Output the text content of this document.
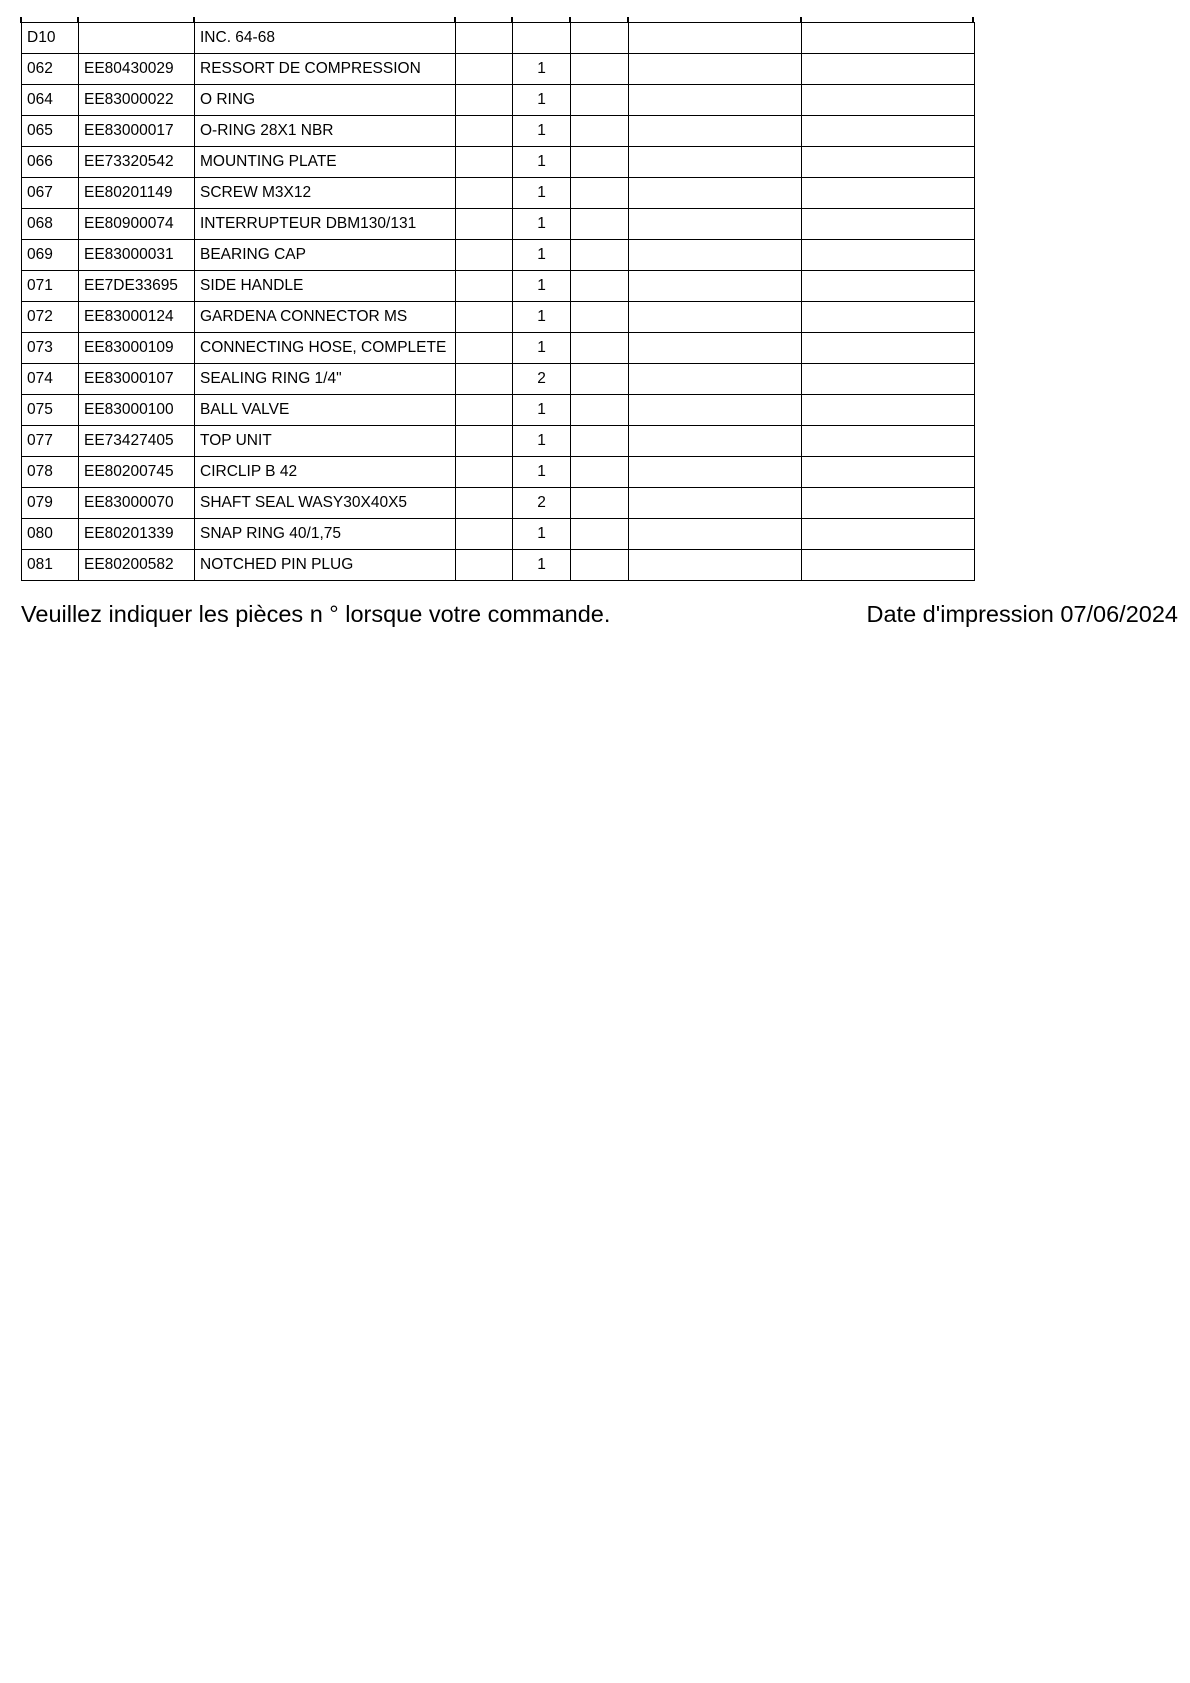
D10		INC. 64-68					
062	EE80430029	RESSORT DE COMPRESSION		1			
064	EE83000022	O RING		1			
065	EE83000017	O-RING 28X1 NBR		1			
066	EE73320542	MOUNTING PLATE		1			
067	EE80201149	SCREW M3X12		1			
068	EE80900074	INTERRUPTEUR DBM130/131		1			
069	EE83000031	BEARING CAP		1			
071	EE7DE33695	SIDE HANDLE		1			
072	EE83000124	GARDENA CONNECTOR MS		1			
073	EE83000109	CONNECTING HOSE, COMPLETE		1			
074	EE83000107	SEALING RING 1/4"		2			
075	EE83000100	BALL VALVE		1			
077	EE73427405	TOP UNIT		1			
078	EE80200745	CIRCLIP B 42		1			
079	EE83000070	SHAFT SEAL WASY30X40X5		2			
080	EE80201339	SNAP RING 40/1,75		1			
081	EE80200582	NOTCHED PIN PLUG		1			
Veuillez indiquer les pièces n ° lorsque votre commande.	Date d'impression 07/06/2024
